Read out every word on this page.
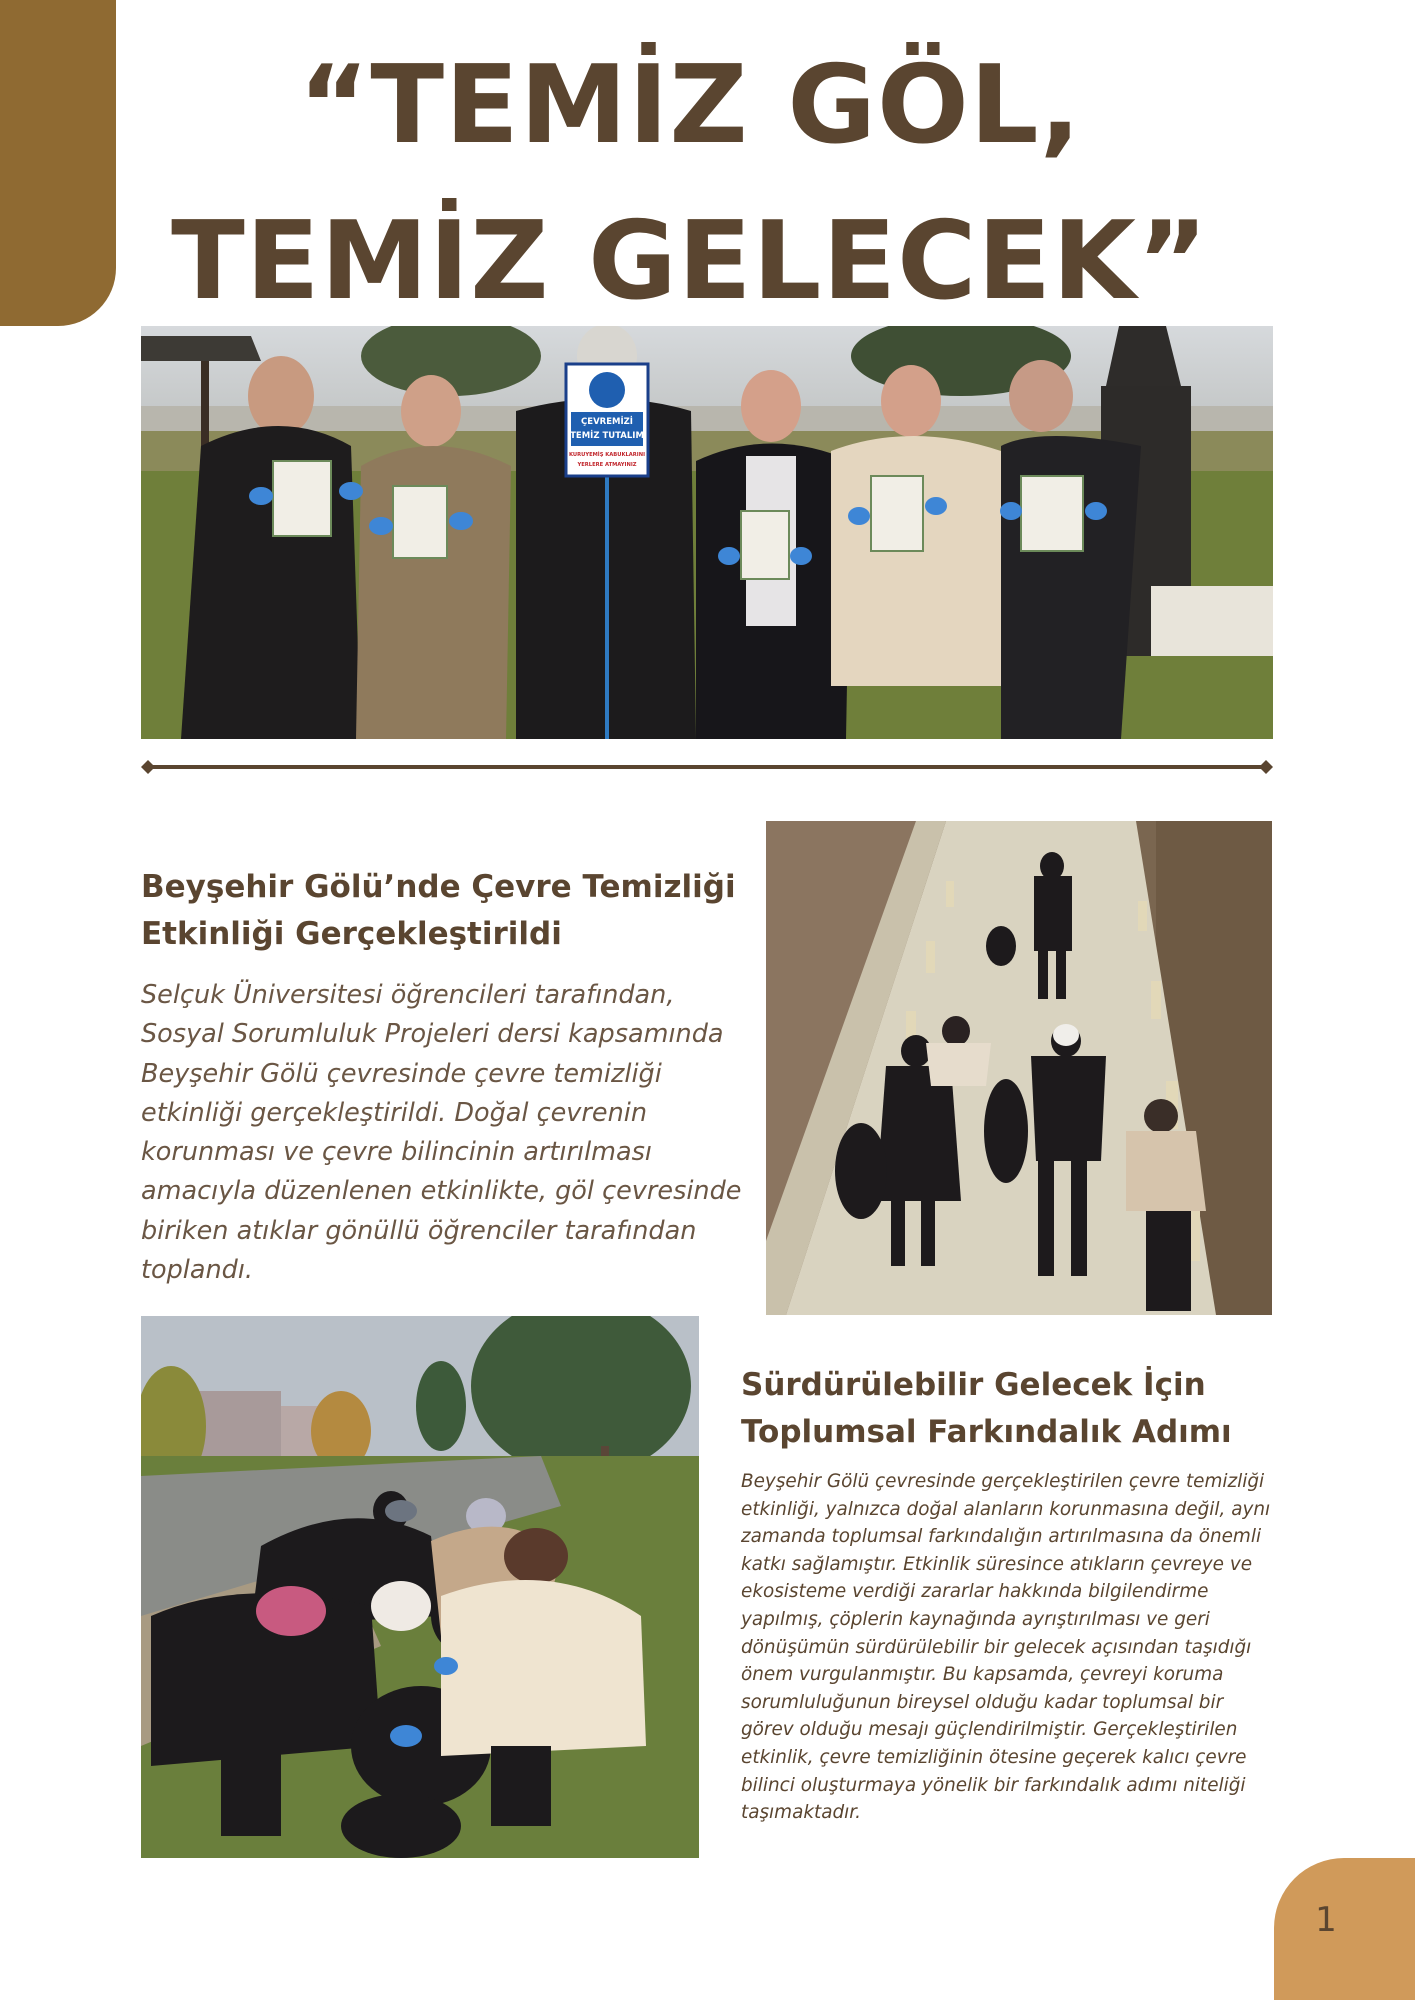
“TEMİZ GÖL,
TEMİZ GELECEK”
ÇEVREMİZİ
TEMİZ TUTALIM
KURUYEMİŞ KABUKLARINI
YERLERE ATMAYINIZ
Beyşehir Gölü’nde Çevre Temizliği Etkinliği Gerçekleştirildi
Selçuk Üniversitesi öğrencileri tarafından, Sosyal Sorumluluk Projeleri dersi kapsamında Beyşehir Gölü çevresinde çevre temizliği etkinliği gerçekleştirildi. Doğal çevrenin korunması ve çevre bilincinin artırılması amacıyla düzenlenen etkinlikte, göl çevresinde biriken atıklar gönüllü öğrenciler tarafından toplandı.
Sürdürülebilir Gelecek İçin Toplumsal Farkındalık Adımı
Beyşehir Gölü çevresinde gerçekleştirilen çevre temizliği etkinliği, yalnızca doğal alanların korunmasına değil, aynı zamanda toplumsal farkındalığın artırılmasına da önemli katkı sağlamıştır. Etkinlik süresince atıkların çevreye ve ekosisteme verdiği zararlar hakkında bilgilendirme yapılmış, çöplerin kaynağında ayrıştırılması ve geri dönüşümün sürdürülebilir bir gelecek açısından taşıdığı önem vurgulanmıştır. Bu kapsamda, çevreyi koruma sorumluluğunun bireysel olduğu kadar toplumsal bir görev olduğu mesajı güçlendirilmiştir. Gerçekleştirilen etkinlik, çevre temizliğinin ötesine geçerek kalıcı çevre bilinci oluşturmaya yönelik bir farkındalık adımı niteliği taşımaktadır.
1
